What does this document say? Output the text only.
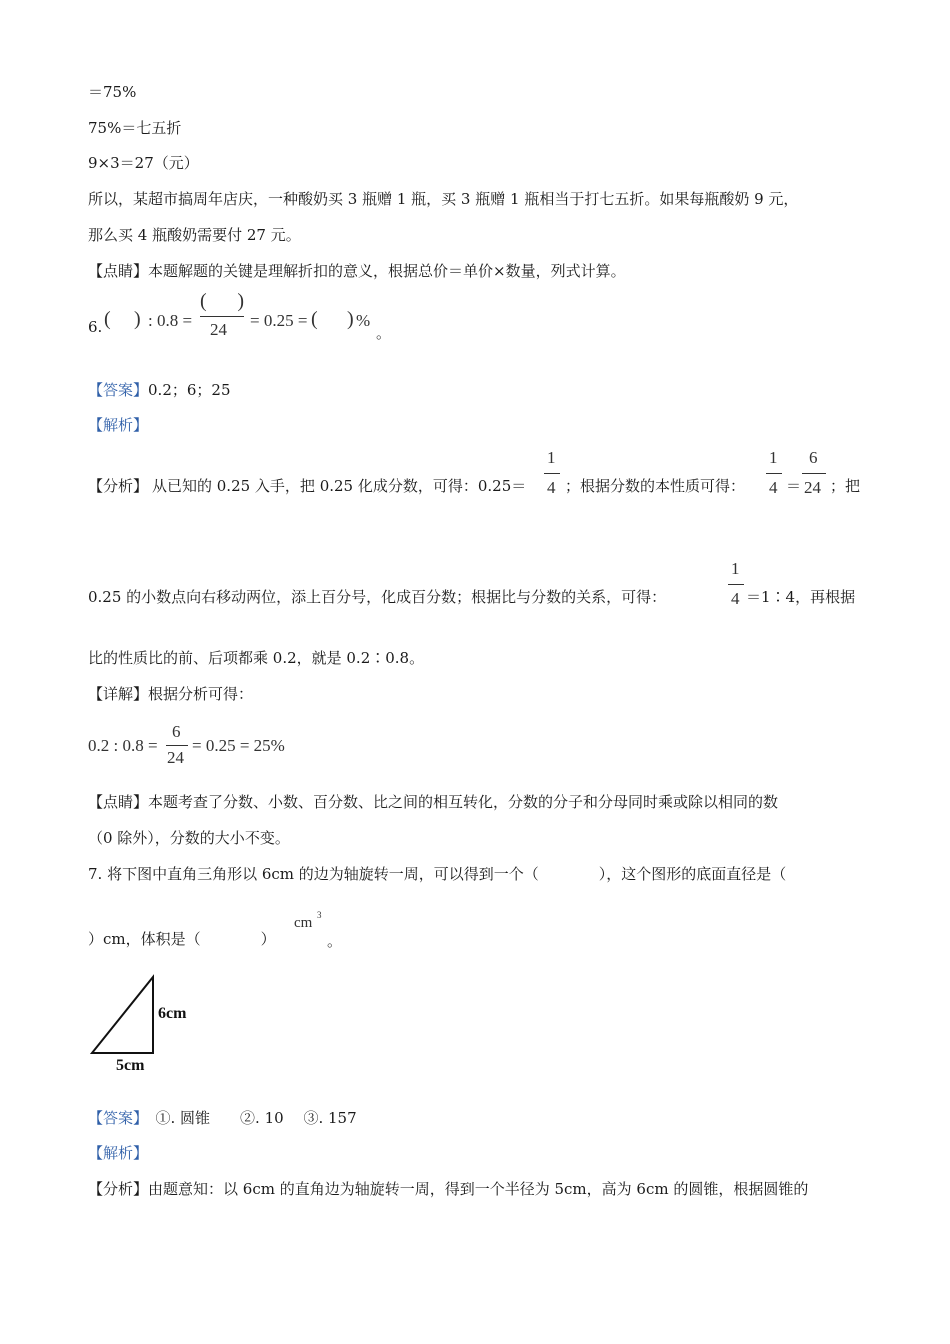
＝75%
75%＝七五折
9×3＝27（元）
所以，某超市搞周年店庆，一种酸奶买 3 瓶赠 1 瓶，买 3 瓶赠 1 瓶相当于打七五折。如果每瓶酸奶 9 元，
那么买 4 瓶酸奶需要付 27 元。
【点睛】本题解题的关键是理解折扣的意义，根据总价＝单价×数量，列式计算。
6. ( ) : 0.8 =
( )
24 = 0.25 = ( ) %
。
【答案】0.2；6；25
【解析】
【分析】 从已知的 0.25 入手，把 0.25 化成分数，可得：0.25＝
1
4 ；根据分数的本性质可得：
1
4 ＝
6
24 ；把
0.25 的小数点向右移动两位，添上百分号，化成百分数；根据比与分数的关系，可得：
1
4 ＝1∶4，再根据
比的性质比的前、后项都乘 0.2，就是 0.2∶0.8。
【详解】根据分析可得：
0.2 : 0.8 =
6
24
= 0.25 = 25%
【点睛】本题考查了分数、小数、百分数、比之间的相互转化，分数的分子和分母同时乘或除以相同的数
（0 除外），分数的大小不变。
7. 将下图中直角三角形以 6cm 的边为轴旋转一周，可以得到一个（　　　　），这个图形的底面直径是（
）cm，体积是（　　　　）
cm 3
。
6cm
5cm
【答案】　①. 圆锥　　②. 10　 ③. 157
【解析】
【分析】由题意知：以 6cm 的直角边为轴旋转一周，得到一个半径为 5cm，高为 6cm 的圆锥，根据圆锥的
